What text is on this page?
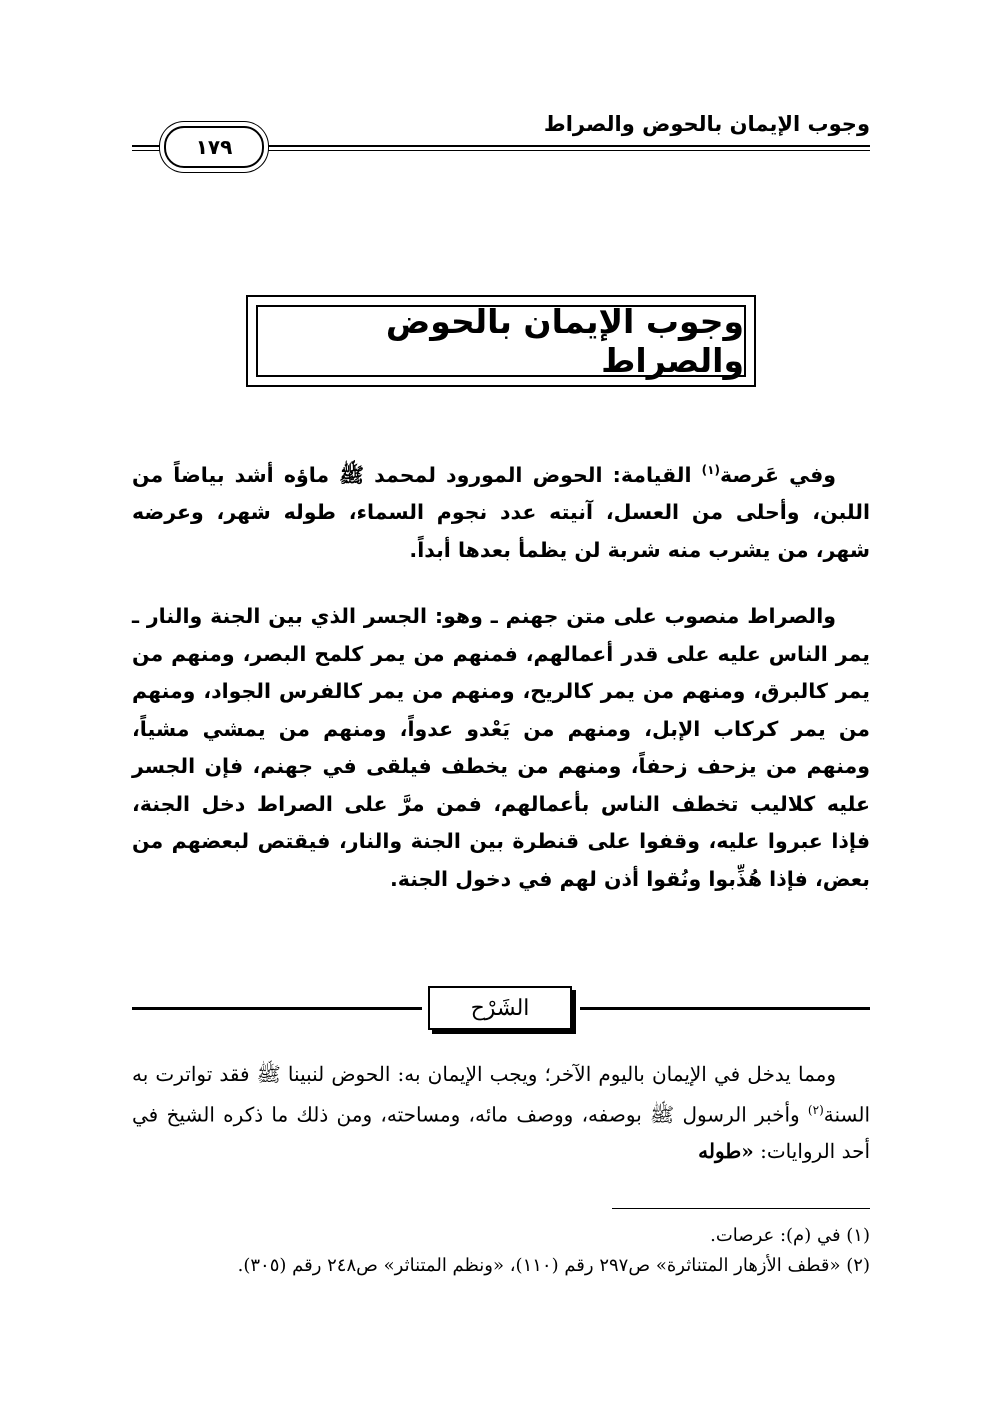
وجوب الإيمان بالحوض والصراط
١٧٩
وجوب الإيمان بالحوض والصراط
وفي عَرصة$^{(١)}$ القيامة: الحوض المورود لمحمد ﷺ ماؤه أشد بياضاً من اللبن، وأحلى من العسل، آنيته عدد نجوم السماء، طوله شهر، وعرضه شهر، من يشرب منه شربة لن يظمأ بعدها أبداً.
والصراط منصوب على متن جهنم ـ وهو: الجسر الذي بين الجنة والنار ـ يمر الناس عليه على قدر أعمالهم، فمنهم من يمر كلمح البصر، ومنهم من يمر كالبرق، ومنهم من يمر كالريح، ومنهم من يمر كالفرس الجواد، ومنهم من يمر كركاب الإبل، ومنهم من يَعْدو عدواً، ومنهم من يمشي مشياً، ومنهم من يزحف زحفاً، ومنهم من يخطف فيلقى في جهنم، فإن الجسر عليه كلاليب تخطف الناس بأعمالهم، فمن مرَّ على الصراط دخل الجنة، فإذا عبروا عليه، وقفوا على قنطرة بين الجنة والنار، فيقتص لبعضهم من بعض، فإذا هُذِّبوا ونُقوا أذن لهم في دخول الجنة.
الشَرْح
ومما يدخل في الإيمان باليوم الآخر؛ ويجب الإيمان به: الحوض لنبينا ﷺ فقد تواترت به السنة$^{(٢)}$ وأخبر الرسول ﷺ بوصفه، ووصف مائه، ومساحته، ومن ذلك ما ذكره الشيخ في أحد الروايات: «طوله
(١) في (م): عرصات.
(٢) «قطف الأزهار المتناثرة» ص٢٩٧ رقم (١١٠)، «ونظم المتناثر» ص٢٤٨ رقم (٣٠٥).
